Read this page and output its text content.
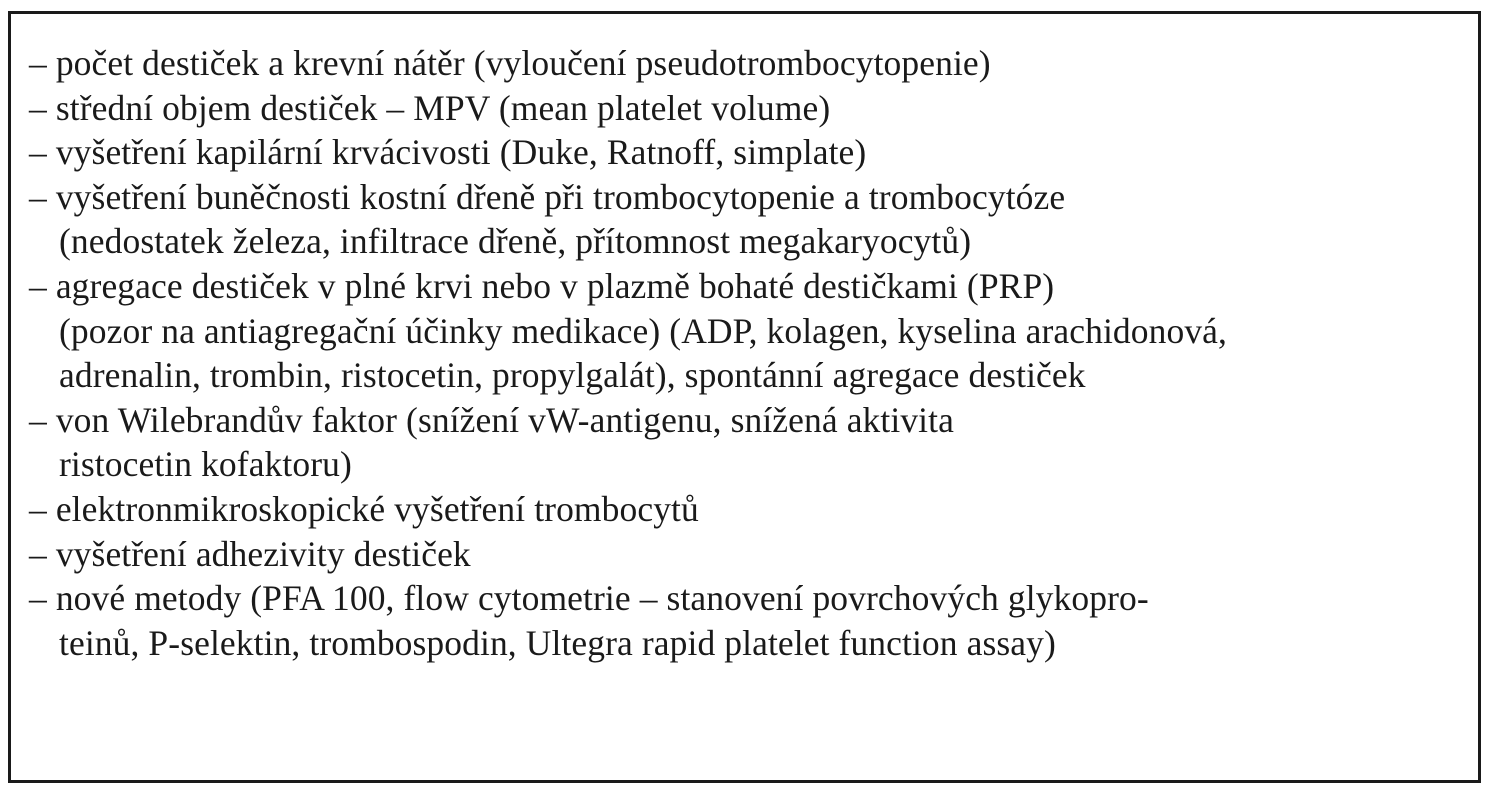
– počet destiček a krevní nátěr (vyloučení pseudotrombocytopenie)
– střední objem destiček – MPV (mean platelet volume)
– vyšetření kapilární krvácivosti (Duke, Ratnoff, simplate)
– vyšetření buněčnosti kostní dřeně při trombocytopenie a trombocytóze
(nedostatek železa, infiltrace dřeně, přítomnost megakaryocytů)
– agregace destiček v plné krvi nebo v plazmě bohaté destičkami (PRP)
(pozor na antiagregační účinky medikace) (ADP, kolagen, kyselina arachidonová,
adrenalin, trombin, ristocetin, propylgalát), spontánní agregace destiček
– von Wilebrandův faktor (snížení vW-antigenu, snížená aktivita
ristocetin kofaktoru)
– elektronmikroskopické vyšetření trombocytů
– vyšetření adhezivity destiček
– nové metody (PFA 100, flow cytometrie – stanovení povrchových glykopro-
teinů, P-selektin, trombospodin, Ultegra rapid platelet function assay)
